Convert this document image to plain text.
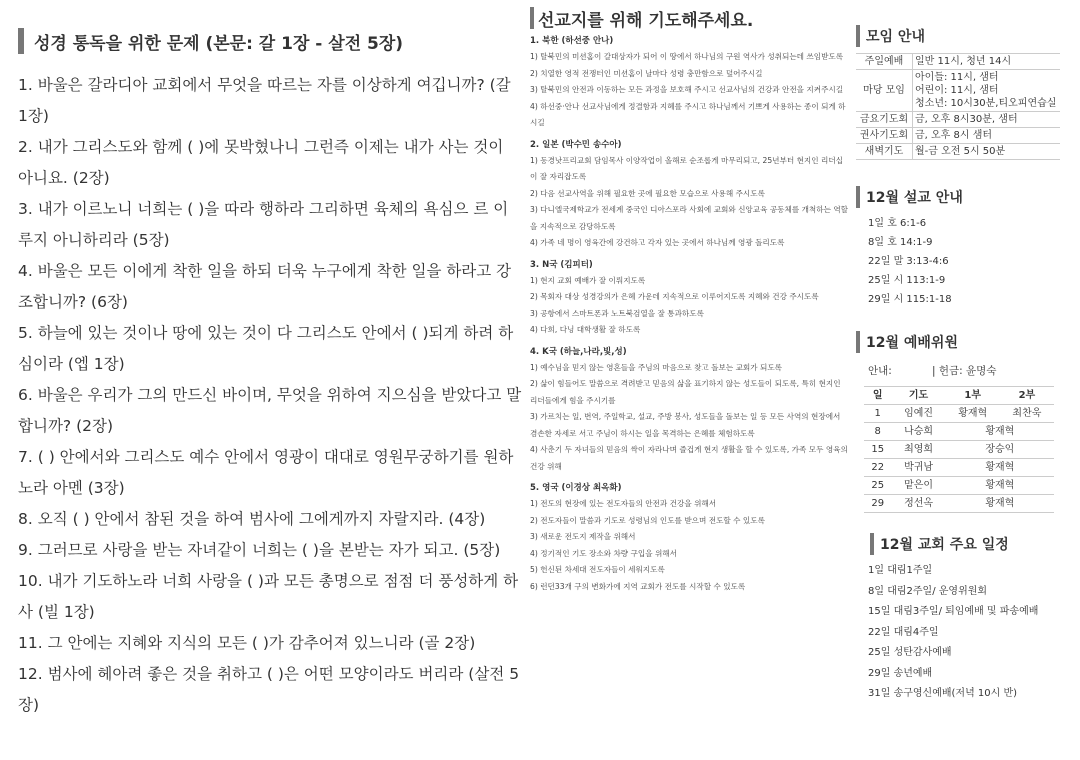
성경 통독을 위한 문제 (본문: 갈 1장 - 살전 5장)
1. 바울은 갈라디아 교회에서 무엇을 따르는 자를 이상하게 여깁니까? (갈 1장)
2. 내가 그리스도와 함께 ( )에 못박혔나니 그런즉 이제는 내가 사는 것이 아니요. (2장)
3. 내가 이르노니 너희는 ( )을 따라 행하라 그리하면 육체의 욕심으 르 이루지 아니하리라 (5장)
4. 바울은 모든 이에게 착한 일을 하되 더욱 누구에게 착한 일을 하라고 강조합니까? (6장)
5. 하늘에 있는 것이나 땅에 있는 것이 다 그리스도 안에서 ( )되게 하려 하심이라 (엡 1장)
6. 바울은 우리가 그의 만드신 바이며, 무엇을 위하여 지으심을 받았다고 말합니까? (2장)
7. ( ) 안에서와 그리스도 예수 안에서 영광이 대대로 영원무궁하기를 원하노라 아멘 (3장)
8. 오직 ( ) 안에서 참된 것을 하여 범사에 그에게까지 자랄지라. (4장)
9. 그러므로 사랑을 받는 자녀같이 너희는 ( )을 본받는 자가 되고. (5장)
10. 내가 기도하노라 너희 사랑을 ( )과 모든 총명으로 점점 더 풍성하게 하사 (빌 1장)
11. 그 안에는 지혜와 지식의 모든 ( )가 감추어져 있느니라 (골 2장)
12. 범사에 헤아려 좋은 것을 취하고 ( )은 어떤 모양이라도 버리라 (살전 5장)
선교지를 위해 기도해주세요.
1. 북한 (하선중 안나)
1) 탈북민의 미션홈이 갈대상자가 되어 이 땅에서 하나님의 구원 역사가 성취되는데 쓰임받도록
2) 치열한 영적 전쟁터인 미션홈이 날마다 성령 충만함으로 덮어주시길
3) 탈북민의 안전과 이동하는 모든 과정을 보호해 주시고 선교사님의 건강과 안전을 지켜주시길
4) 하선중·안나 선교사님에게 정결함과 지혜를 주시고 하나님께서 기쁘게 사용하는 종이 되게 하시길
2. 일본 (박수민 송수아)
1) 동경낫프리교회 담임목사 이양작업이 올해로 순조롭게 마무리되고, 25년부터 현지인 리더십이 잘 자리잡도록
2) 다음 선교사역을 위해 필요한 곳에 필요한 모습으로 사용해 주시도록
3) 다니엘국제학교가 전세계 중국인 디아스포라 사회에 교회와 신앙교육 공동체를 개척하는 역할을 지속적으로 감당하도록
4) 가족 네 명이 영육간에 강건하고 각자 있는 곳에서 하나님께 영광 돌리도록
3. N국 (김피터)
1) 현지 교회 예배가 잘 이뤄지도록
2) 목회자 대상 성경강의가 은혜 가운데 지속적으로 이루어지도록 지혜와 건강 주시도록
3) 공항에서 스마트폰과 노트북검열을 잘 통과하도록
4) 다희, 다닝 대학생활 잘 하도록
4. K국 (하늘,나라,빛,성)
1) 예수님을 믿지 않는 영혼들을 주님의 마음으로 찾고 돌보는 교회가 되도록
2) 삶이 힘들어도 말씀으로 격려받고 믿음의 삶을 표기하지 않는 성도들이 되도록, 특히 현지인 리더들에게 힘을 주시기를
3) 가르치는 일, 번역, 주일학교, 설교, 주방 봉사, 성도들을 돌보는 일 등 모든 사역의 현장에서 겸손한 자세로 서고 주님이 하시는 일을 목격하는 은혜를 체험하도록
4) 사춘기 두 자녀들의 믿음의 싹이 자라나며 즐겁게 현지 생활을 할 수 있도록, 가족 모두 영육의 건강 위해
5. 영국 (이경상 최옥화)
1) 전도의 현장에 있는 전도자들의 안전과 건강을 위해서
2) 전도자들이 말씀과 기도로 성령님의 인도를 받으며 전도할 수 있도록
3) 새로운 전도지 제작을 위해서
4) 정기적인 기도 장소와 차량 구입을 위해서
5) 헌신된 차세대 전도자들이 세워지도록
6) 런던33개 구의 변화가에 지역 교회가 전도를 시작할 수 있도록
모임 안내
주일예배	일반 11시, 청년 14시
마당 모임	아이들: 11시, 샘터
어린이: 11시, 샘터
청소년: 10시30분,티오피연습실
금요기도회	금, 오후 8시30분, 샘터
권사기도회	금, 오후 8시 샘터
새벽기도	월-금 오전 5시 50분
12월 설교 안내
1일 호 6:1-6
8일 호 14:1-9
22일 말 3:13-4:6
25일 시 113:1-9
29일 시 115:1-18
12월 예배위원
안내:	| 헌금: 윤명숙
일	기도	1부	2부
1	임예진	황재혁	최찬욱
8	나승희	황재혁	
15	최영희	장승익	
22	박귀남	황재혁	
25	맡은이	황재혁	
29	정선옥	황재혁	
12월 교회 주요 일정
1일 대림1주일
8일 대림2주일/ 운영위원회
15일 대림3주일/ 퇴임예배 및 파송예배
22일 대림4주일
25일 성탄감사예배
29일 송년예배
31일 송구영신예배(저녁 10시 반)
